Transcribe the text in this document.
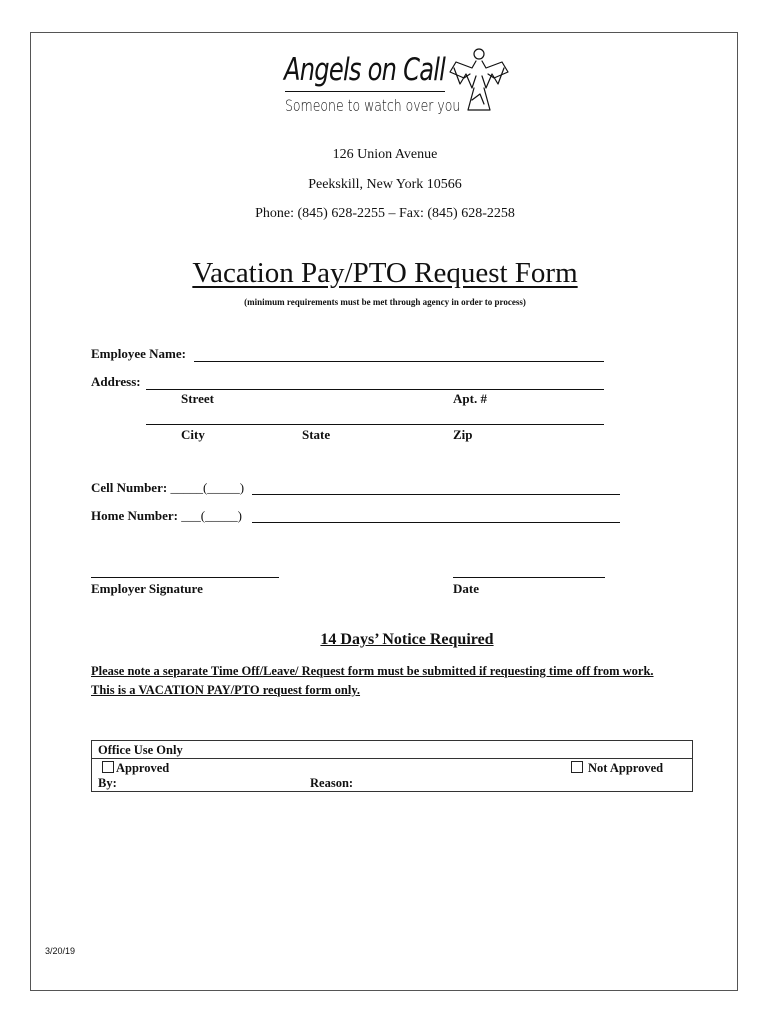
Angels on Call
Someone to watch over you
126 Union Avenue
Peekskill, New York 10566
Phone: (845) 628-2255 – Fax: (845) 628-2258
Vacation Pay/PTO Request Form
(minimum requirements must be met through agency in order to process)
Employee Name:
Address:
Street	Apt. #
City	State	Zip
Cell Number: _____(_____)
Home Number: ___(_____)
Employer Signature	Date
14 Days’ Notice Required
Please note a separate Time Off/Leave/ Request form must be submitted if requesting time off from work.
This is a VACATION PAY/PTO request form only.
Office Use Only
Approved	Not Approved
By:	Reason:
3/20/19
